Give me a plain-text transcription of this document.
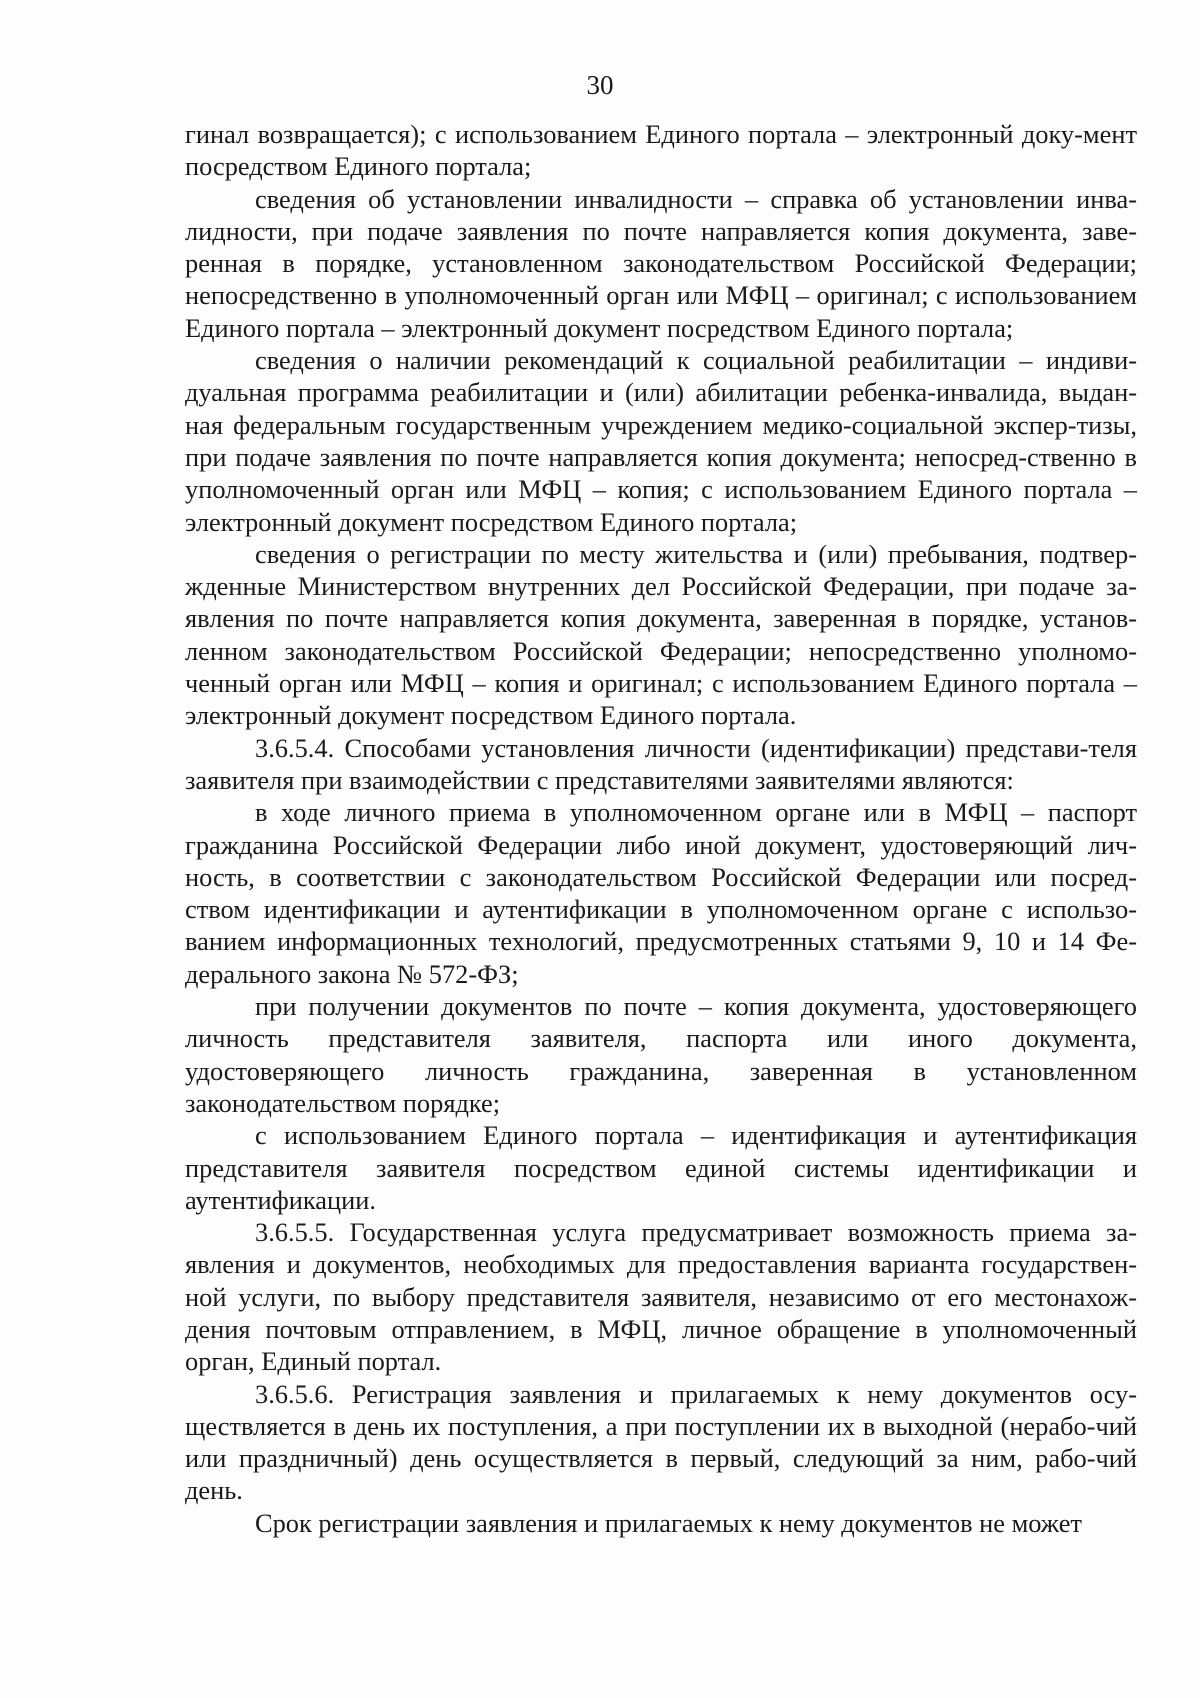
30

гинал возвращается); с использованием Единого портала – электронный доку-мент посредством Единого портала;

сведения об установлении инвалидности – справка об установлении инва-лидности, при подаче заявления по почте направляется копия документа, заве-ренная в порядке, установленном законодательством Российской Федерации; непосредственно в уполномоченный орган или МФЦ – оригинал; с использованием Единого портала – электронный документ посредством Единого портала;

сведения о наличии рекомендаций к социальной реабилитации – индиви-дуальная программа реабилитации и (или) абилитации ребенка-инвалида, выдан-ная федеральным государственным учреждением медико-социальной экспер-тизы, при подаче заявления по почте направляется копия документа; непосред-ственно в уполномоченный орган или МФЦ – копия; с использованием Единого портала – электронный документ посредством Единого портала;

сведения о регистрации по месту жительства и (или) пребывания, подтвер-жденные Министерством внутренних дел Российской Федерации, при подаче за-явления по почте направляется копия документа, заверенная в порядке, установ-ленном законодательством Российской Федерации; непосредственно уполномо-ченный орган или МФЦ – копия и оригинал; с использованием Единого портала – электронный документ посредством Единого портала.

3.6.5.4. Способами установления личности (идентификации) представи-теля заявителя при взаимодействии с представителями заявителями являются:

в ходе личного приема в уполномоченном органе или в МФЦ – паспорт гражданина Российской Федерации либо иной документ, удостоверяющий лич-ность, в соответствии с законодательством Российской Федерации или посред-ством идентификации и аутентификации в уполномоченном органе с использо-ванием информационных технологий, предусмотренных статьями 9, 10 и 14 Фе-дерального закона № 572-ФЗ;

при получении документов по почте – копия документа, удостоверяющего личность представителя заявителя, паспорта или иного документа, удостоверяющего личность гражданина, заверенная в установленном законодательством порядке;

с использованием Единого портала – идентификация и аутентификация представителя заявителя посредством единой системы идентификации и аутентификации.

3.6.5.5. Государственная услуга предусматривает возможность приема за-явления и документов, необходимых для предоставления варианта государствен-ной услуги, по выбору представителя заявителя, независимо от его местонахож-дения почтовым отправлением, в МФЦ, личное обращение в уполномоченный орган, Единый портал.

3.6.5.6. Регистрация заявления и прилагаемых к нему документов осу-ществляется в день их поступления, а при поступлении их в выходной (нерабо-чий или праздничный) день осуществляется в первый, следующий за ним, рабо-чий день.

Срок регистрации заявления и прилагаемых к нему документов не может
